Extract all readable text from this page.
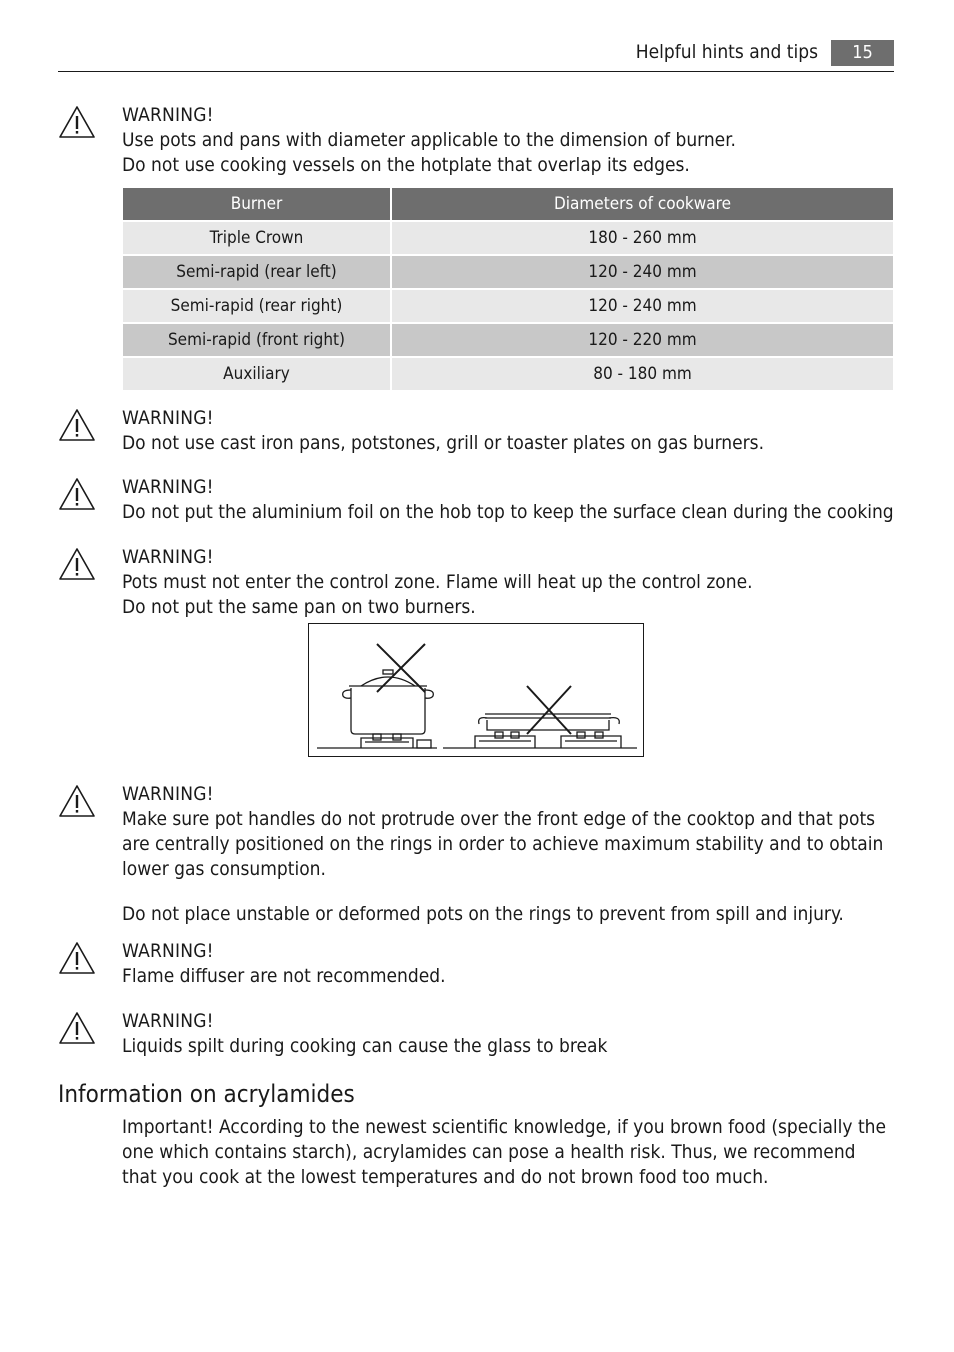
Helpful hints and tips	15
WARNING!
Use pots and pans with diameter applicable to the dimension of burner.
Do not use cooking vessels on the hotplate that overlap its edges.
Burner	Diameters of cookware
Triple Crown	180 - 260 mm
Semi-rapid (rear left)	120 - 240 mm
Semi-rapid (rear right)	120 - 240 mm
Semi-rapid (front right)	120 - 220 mm
Auxiliary	80 - 180 mm
WARNING!
Do not use cast iron pans, potstones, grill or toaster plates on gas burners.
WARNING!
Do not put the aluminium foil on the hob top to keep the surface clean during the cooking
WARNING!
Pots must not enter the control zone. Flame will heat up the control zone.
Do not put the same pan on two burners.
WARNING!
Make sure pot handles do not protrude over the front edge of the cooktop and that pots
are centrally positioned on the rings in order to achieve maximum stability and to obtain
lower gas consumption.
Do not place unstable or deformed pots on the rings to prevent from spill and injury.
WARNING!
Flame diffuser are not recommended.
WARNING!
Liquids spilt during cooking can cause the glass to break
Information on acrylamides
Important! According to the newest scientific knowledge, if you brown food (specially the one which contains starch), acrylamides can pose a health risk. Thus, we recommend that you cook at the lowest temperatures and do not brown food too much.
